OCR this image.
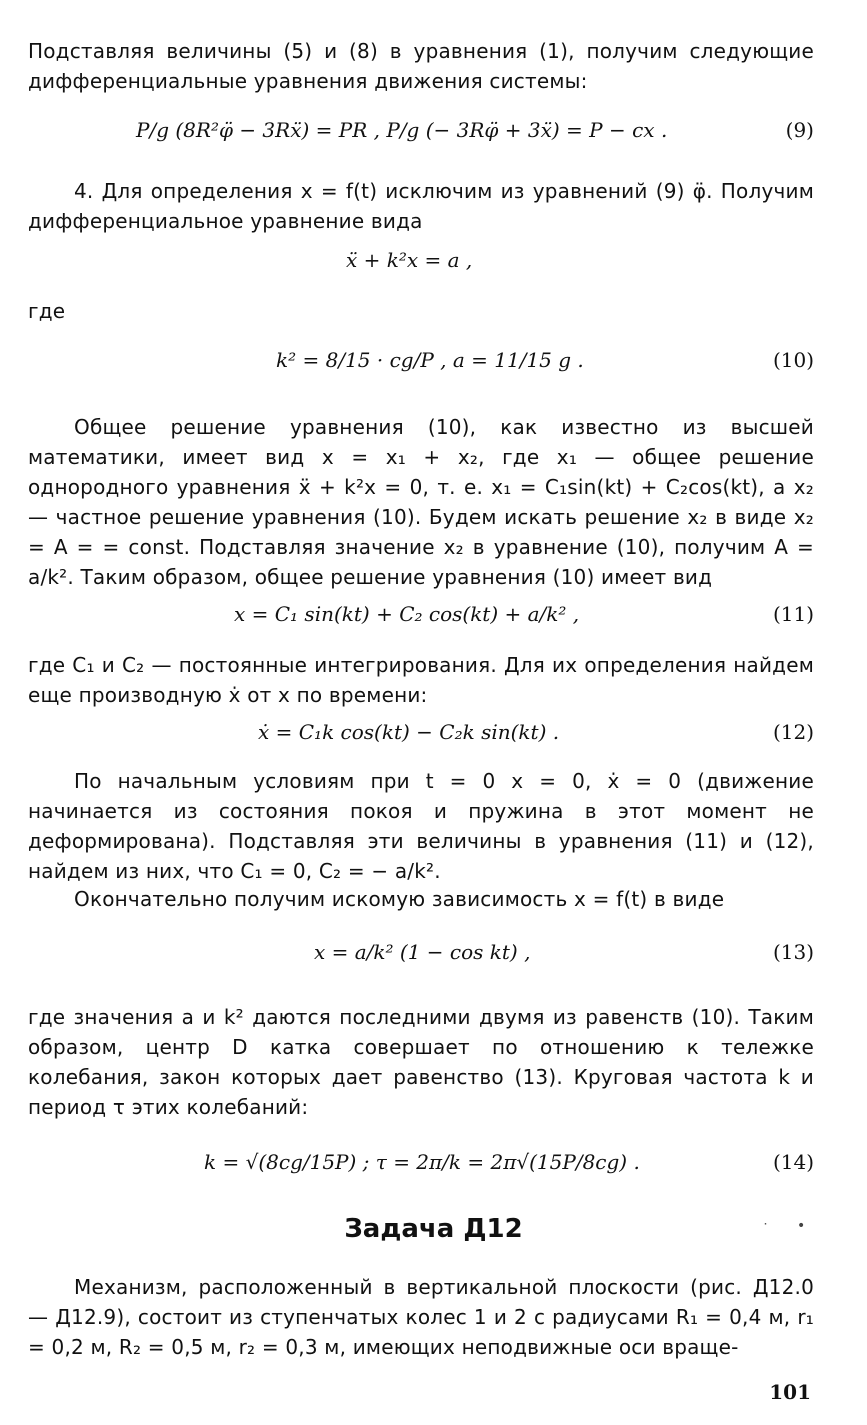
Подставляя величины (5) и (8) в уравнения (1), получим следующие дифференциальные уравнения движения системы:
P/g (8R²φ̈ − 3Rẍ) = PR , P/g (− 3Rφ̈ + 3ẍ) = P − cx .	(9)
4. Для определения x = f(t) исключим из уравнений (9) φ̈. Получим дифференциальное уравнение вида
ẍ + k²x = a ,
где
k² = 8/15 · cg/P , a = 11/15 g .	(10)
Общее решение уравнения (10), как известно из высшей математики, имеет вид x = x₁ + x₂, где x₁ — общее решение однородного уравнения ẍ + k²x = 0, т. е. x₁ = C₁sin(kt) + C₂cos(kt), а x₂ — частное решение уравнения (10). Будем искать решение x₂ в виде x₂ = A = = const. Подставляя значение x₂ в уравнение (10), получим A = a/k². Таким образом, общее решение уравнения (10) имеет вид
x = C₁ sin(kt) + C₂ cos(kt) + a/k² ,	(11)
где C₁ и C₂ — постоянные интегрирования. Для их определения найдем еще производную ẋ от x по времени:
ẋ = C₁k cos(kt) − C₂k sin(kt) .	(12)
По начальным условиям при t = 0 x = 0, ẋ = 0 (движение начинается из состояния покоя и пружина в этот момент не деформирована). Подставляя эти величины в уравнения (11) и (12), найдем из них, что C₁ = 0, C₂ = − a/k².
Окончательно получим искомую зависимость x = f(t) в виде
x = a/k² (1 − cos kt) ,	(13)
где значения a и k² даются последними двумя из равенств (10). Таким образом, центр D катка совершает по отношению к тележке колебания, закон которых дает равенство (13). Круговая частота k и период τ этих колебаний:
k = √(8cg/15P) ; τ = 2π/k = 2π√(15P/8cg) .	(14)
Задача Д12	˙ •
Механизм, расположенный в вертикальной плоскости (рис. Д12.0 — Д12.9), состоит из ступенчатых колес 1 и 2 с радиусами R₁ = 0,4 м, r₁ = 0,2 м, R₂ = 0,5 м, r₂ = 0,3 м, имеющих неподвижные оси враще-
101
